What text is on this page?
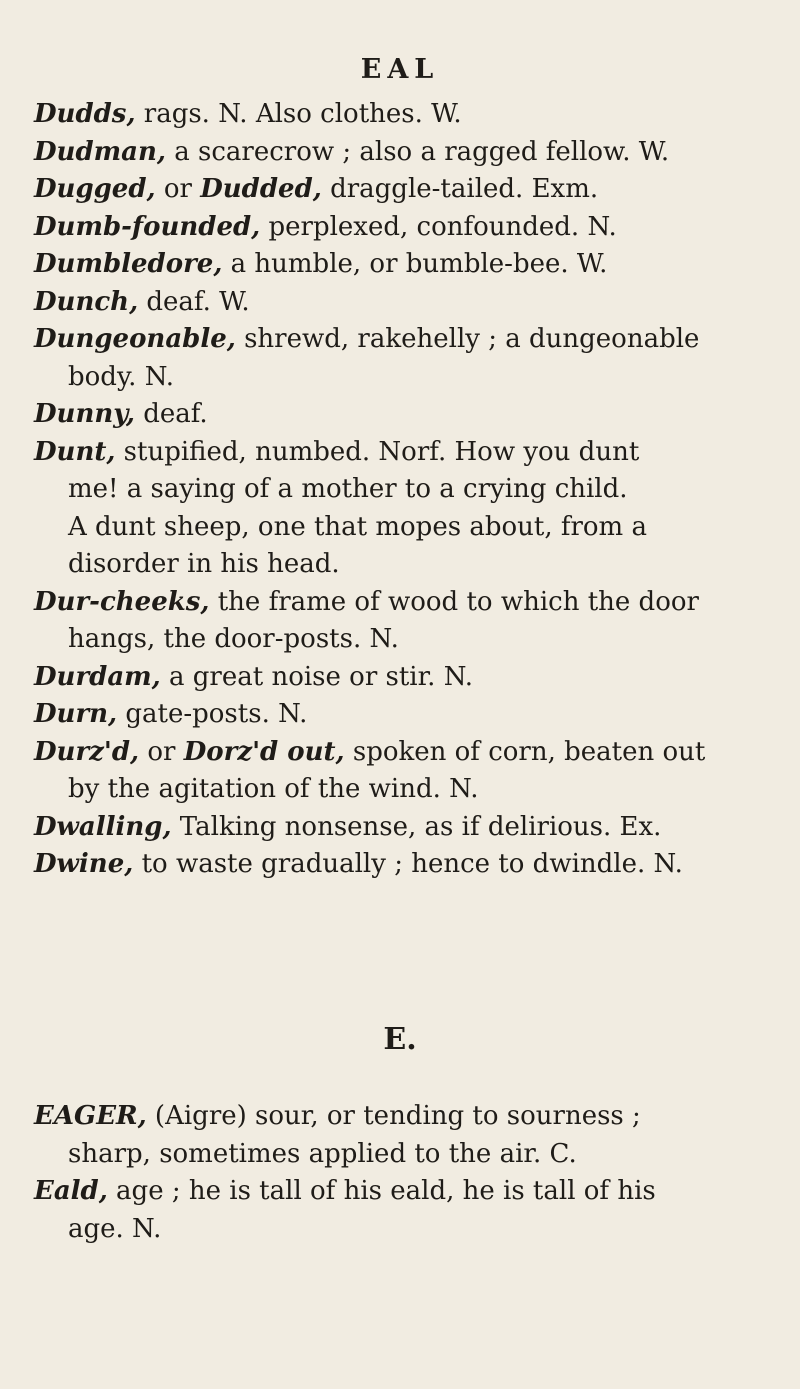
EAL
Dudds, rags. N. Also clothes. W.
Dudman, a scarecrow ; also a ragged fellow. W.
Dugged, or Dudded, draggle-tailed. Exm.
Dumb-founded, perplexed, confounded. N.
Dumbledore, a humble, or bumble-bee. W.
Dunch, deaf. W.
Dungeonable, shrewd, rakehelly ; a dungeonable
body. N.
Dunny, deaf.
Dunt, stupified, numbed. Norf. How you dunt
me! a saying of a mother to a crying child.
A dunt sheep, one that mopes about, from a
disorder in his head.
Dur-cheeks, the frame of wood to which the door
hangs, the door-posts. N.
Durdam, a great noise or stir. N.
Durn, gate-posts. N.
Durz'd, or Dorz'd out, spoken of corn, beaten out
by the agitation of the wind. N.
Dwalling, Talking nonsense, as if delirious. Ex.
Dwine, to waste gradually ; hence to dwindle. N.
E.
EAGER, (Aigre) sour, or tending to sourness ;
sharp, sometimes applied to the air. C.
Eald, age ; he is tall of his eald, he is tall of his
age. N.
